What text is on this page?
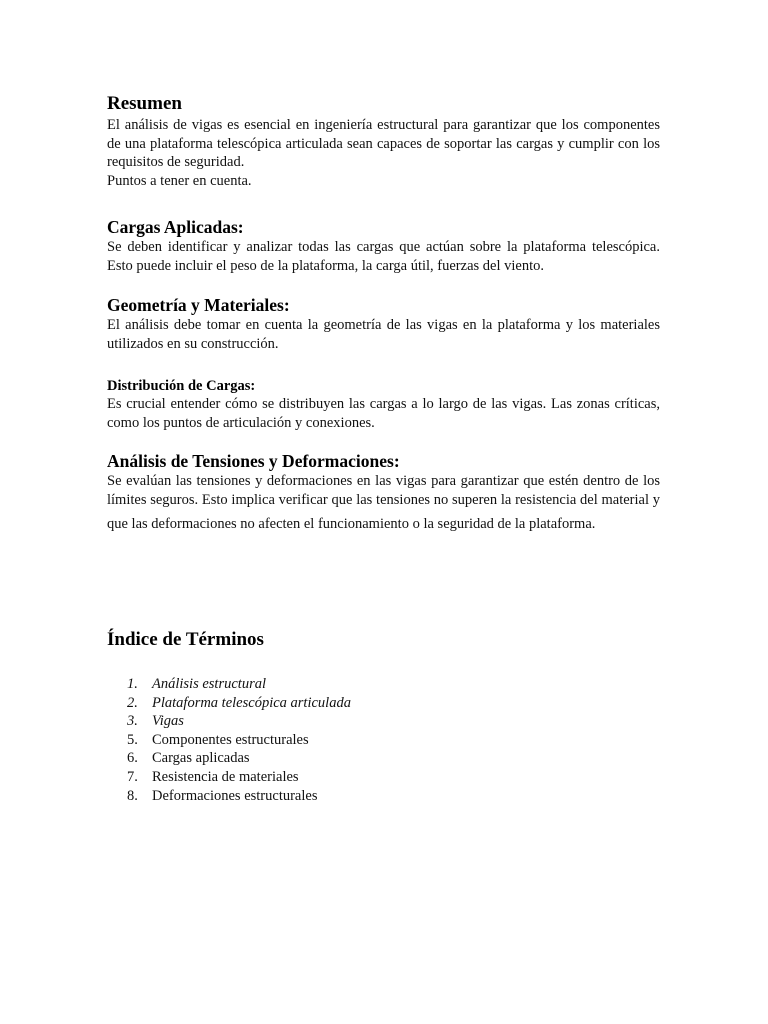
Resumen

El análisis de vigas es esencial en ingeniería estructural para garantizar que los componentes de una plataforma telescópica articulada sean capaces de soportar las cargas y cumplir con los requisitos de seguridad.

Puntos a tener en cuenta.

Cargas Aplicadas:

Se deben identificar y analizar todas las cargas que actúan sobre la plataforma telescópica. Esto puede incluir el peso de la plataforma, la carga útil, fuerzas del viento.

Geometría y Materiales:

El análisis debe tomar en cuenta la geometría de las vigas en la plataforma y los materiales utilizados en su construcción.

Distribución de Cargas:

Es crucial entender cómo se distribuyen las cargas a lo largo de las vigas. Las zonas críticas, como los puntos de articulación y conexiones.

Análisis de Tensiones y Deformaciones:

Se evalúan las tensiones y deformaciones en las vigas para garantizar que estén dentro de los límites seguros. Esto implica verificar que las tensiones no superen la resistencia del material y que las deformaciones no afecten el funcionamiento o la seguridad de la plataforma.

Índice de Términos
1. Análisis estructural
2. Plataforma telescópica articulada
3. Vigas
5. Componentes estructurales
6. Cargas aplicadas
7. Resistencia de materiales
8. Deformaciones estructurales
